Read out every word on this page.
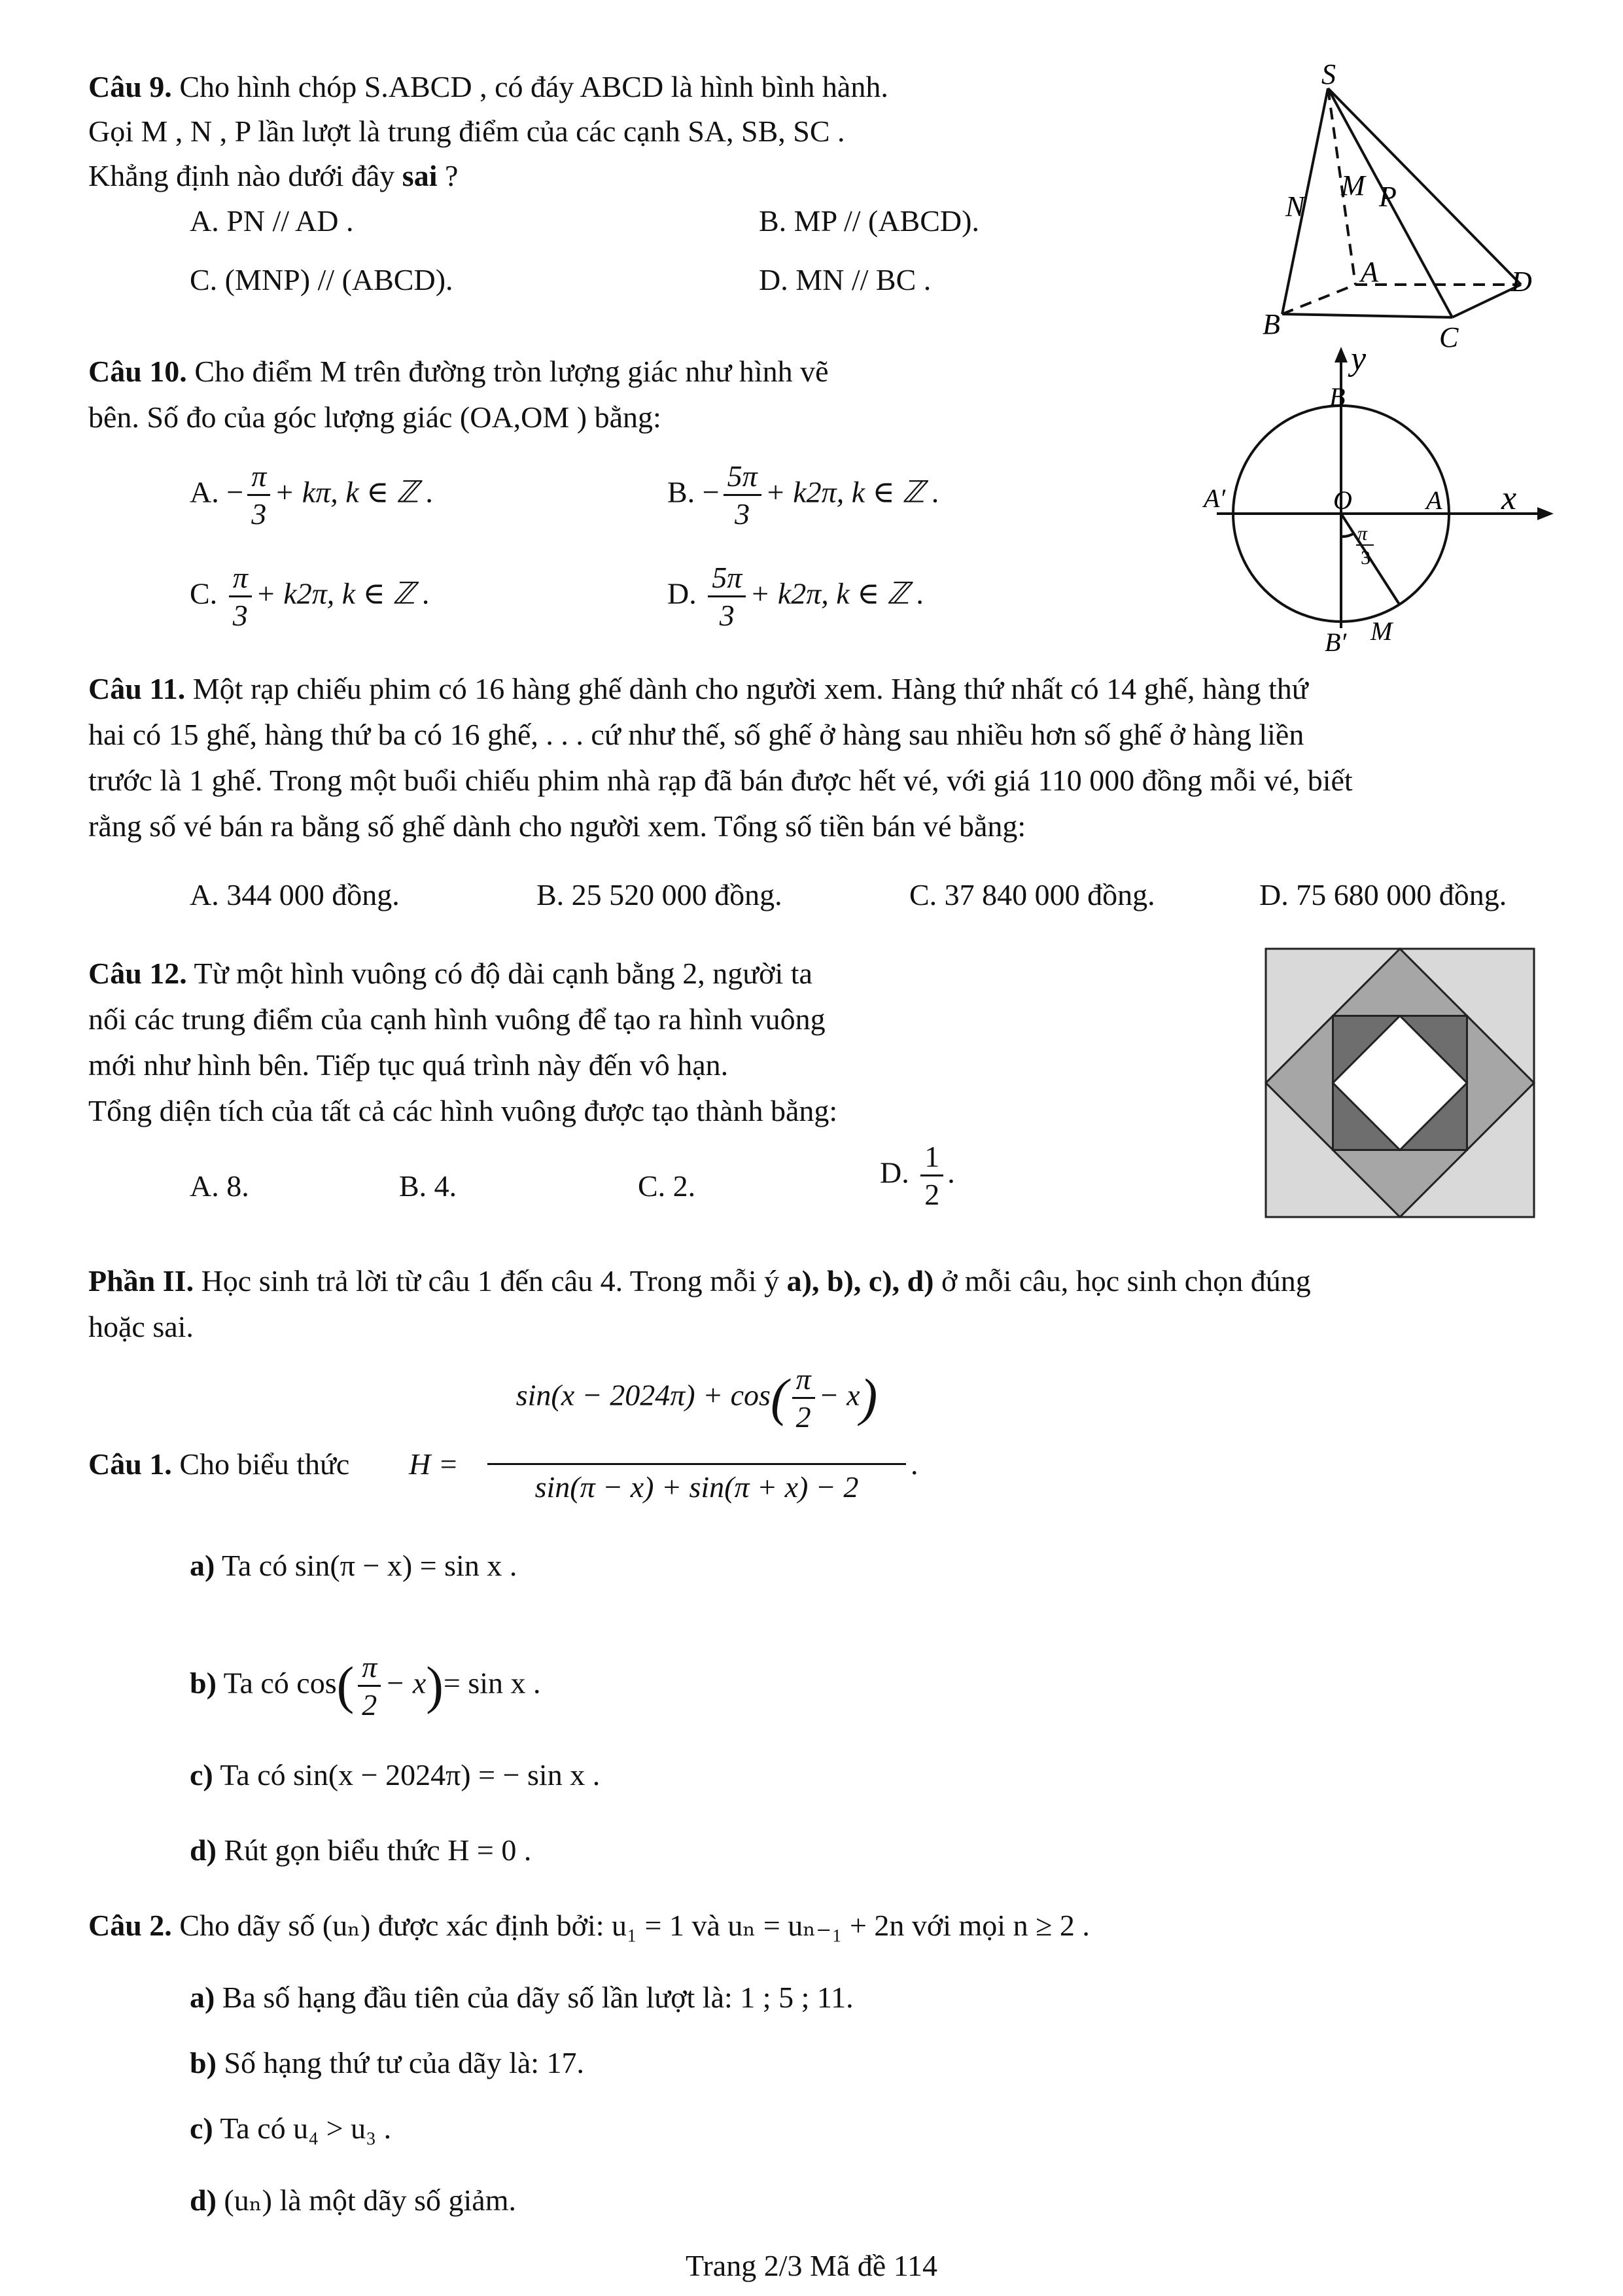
Câu 9. Cho hình chóp S.ABCD , có đáy ABCD là hình bình hành.
Gọi M , N , P lần lượt là trung điểm của các cạnh SA, SB, SC .
Khẳng định nào dưới đây sai ?
A. PN // AD .	B. MP // (ABCD).
C. (MNP) // (ABCD).	D. MN // BC .
S
N
M P
A	D
B	C
Câu 10. Cho điểm M trên đường tròn lượng giác như hình vẽ
bên. Số đo của góc lượng giác (OA,OM ) bằng:
A. − $\frac{\pi}{3} + k\pi$, k ∈ ℤ .	B. − $\frac{5\pi}{3} + k2\pi$, k ∈ ℤ .
C. $\frac{\pi}{3} + k2\pi$, k ∈ ℤ .	D. $\frac{5\pi}{3} + k2\pi$, k ∈ ℤ .
y
B
A′	O	A x
π
3
B′ M
Câu 11. Một rạp chiếu phim có 16 hàng ghế dành cho người xem. Hàng thứ nhất có 14 ghế, hàng thứ
hai có 15 ghế, hàng thứ ba có 16 ghế, . . . cứ như thế, số ghế ở hàng sau nhiều hơn số ghế ở hàng liền
trước là 1 ghế. Trong một buổi chiếu phim nhà rạp đã bán được hết vé, với giá 110 000 đồng mỗi vé, biết
rằng số vé bán ra bằng số ghế dành cho người xem. Tổng số tiền bán vé bằng:
A. 344 000 đồng.	B. 25 520 000 đồng.	C. 37 840 000 đồng.	D. 75 680 000 đồng.
Câu 12. Từ một hình vuông có độ dài cạnh bằng 2, người ta
nối các trung điểm của cạnh hình vuông để tạo ra hình vuông
mới như hình bên. Tiếp tục quá trình này đến vô hạn.
Tổng diện tích của tất cả các hình vuông được tạo thành bằng:
A. 8.	B. 4.	C. 2.	D. $\frac{1}{2}$ .
Phần II. Học sinh trả lời từ câu 1 đến câu 4. Trong mỗi ý a), b), c), d) ở mỗi câu, học sinh chọn đúng
hoặc sai.
Câu 1. Cho biểu thức H =
$\sin(x - 2024\pi) + \cos( \frac{\pi}{2} - x)$
sin(π − x) + sin(π + x) − 2
.
a) Ta có sin(π − x) = sin x .
b) Ta có $\cos( \frac{\pi}{2} - x)= \sin x$ .
c) Ta có sin(x − 2024π) = − sin x .
d) Rút gọn biểu thức H = 0 .
Câu 2. Cho dãy số (uₙ) được xác định bởi: u₁ = 1 và uₙ = uₙ₋₁ + 2n với mọi n ≥ 2 .
a) Ba số hạng đầu tiên của dãy số lần lượt là: 1 ; 5 ; 11.
b) Số hạng thứ tư của dãy là: 17.
c) Ta có u₄ > u₃ .
d) (uₙ) là một dãy số giảm.
Trang 2/3 Mã đề 114
